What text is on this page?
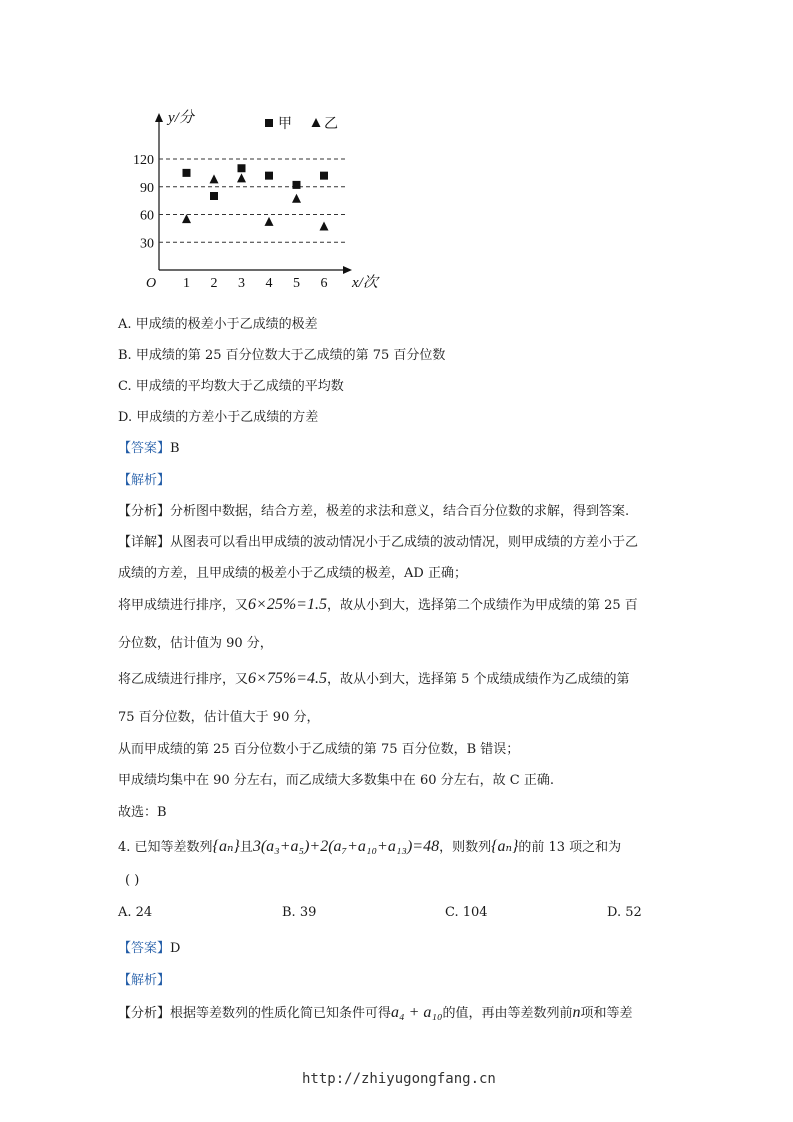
120
90
60
30
1 2 3 4 5 6
O
y/分
x/次
甲 乙
A. 甲成绩的极差小于乙成绩的极差
B. 甲成绩的第 25 百分位数大于乙成绩的第 75 百分位数
C. 甲成绩的平均数大于乙成绩的平均数
D. 甲成绩的方差小于乙成绩的方差
【答案】B
【解析】
【分析】分析图中数据，结合方差，极差的求法和意义，结合百分位数的求解，得到答案.
【详解】从图表可以看出甲成绩的波动情况小于乙成绩的波动情况，则甲成绩的方差小于乙
成绩的方差，且甲成绩的极差小于乙成绩的极差，AD 正确；
将甲成绩进行排序，又6×25%=1.5，故从小到大，选择第二个成绩作为甲成绩的第 25 百
分位数，估计值为 90 分，
将乙成绩进行排序，又6×75%=4.5，故从小到大，选择第 5 个成绩成绩作为乙成绩的第
75 百分位数，估计值大于 90 分，
从而甲成绩的第 25 百分位数小于乙成绩的第 75 百分位数，B 错误；
甲成绩均集中在 90 分左右，而乙成绩大多数集中在 60 分左右，故 C 正确.
故选：B
4. 已知等差数列{aₙ}且3(a₃+a₅)+2(a₇+a₁₀+a₁₃)=48，则数列{aₙ}的前 13 项之和为
( )
A. 24	B. 39	C. 104	D. 52
【答案】D
【解析】
【分析】根据等差数列的性质化简已知条件可得a₄ + a₁₀的值，再由等差数列前n项和等差
http://zhiyugongfang.cn
